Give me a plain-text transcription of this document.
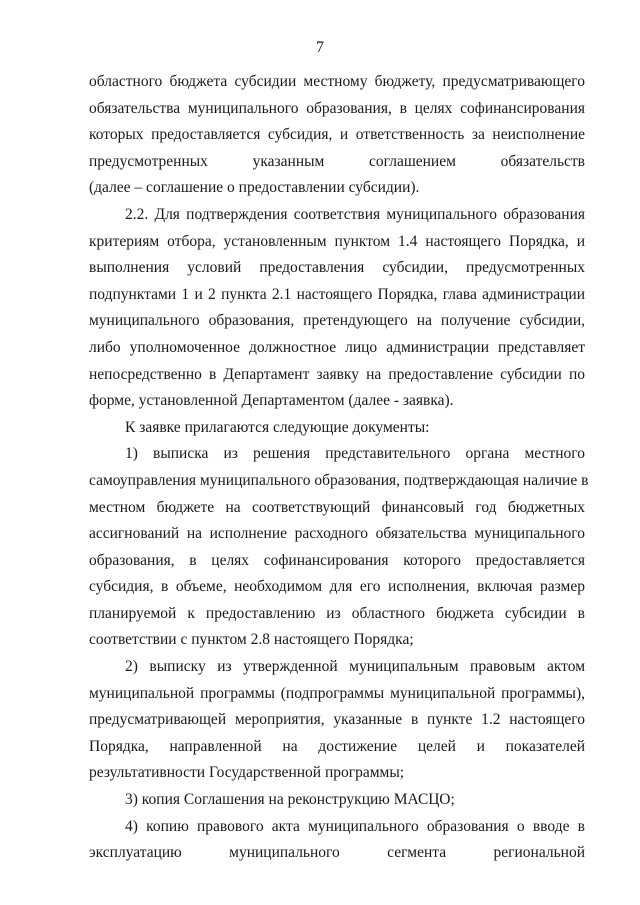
7
областного бюджета субсидии местному бюджету, предусматривающего
обязательства муниципального образования, в целях софинансирования
которых предоставляется субсидия, и ответственность за неисполнение
предусмотренных указанным соглашением обязательств
(далее – соглашение о предоставлении субсидии).
2.2. Для подтверждения соответствия муниципального образования
критериям отбора, установленным пунктом 1.4 настоящего Порядка, и
выполнения условий предоставления субсидии, предусмотренных
подпунктами 1 и 2 пункта 2.1 настоящего Порядка, глава администрации
муниципального образования, претендующего на получение субсидии,
либо уполномоченное должностное лицо администрации представляет
непосредственно в Департамент заявку на предоставление субсидии по
форме, установленной Департаментом (далее - заявка).
К заявке прилагаются следующие документы:
1) выписка из решения представительного органа местного
самоуправления муниципального образования, подтверждающая наличие в
местном бюджете на соответствующий финансовый год бюджетных
ассигнований на исполнение расходного обязательства муниципального
образования, в целях софинансирования которого предоставляется
субсидия, в объеме, необходимом для его исполнения, включая размер
планируемой к предоставлению из областного бюджета субсидии в
соответствии с пунктом 2.8 настоящего Порядка;
2) выписку из утвержденной муниципальным правовым актом
муниципальной программы (подпрограммы муниципальной программы),
предусматривающей мероприятия, указанные в пункте 1.2 настоящего
Порядка, направленной на достижение целей и показателей
результативности Государственной программы;
3) копия Соглашения на реконструкцию МАСЦО;
4) копию правового акта муниципального образования о вводе в
эксплуатацию муниципального сегмента региональной
